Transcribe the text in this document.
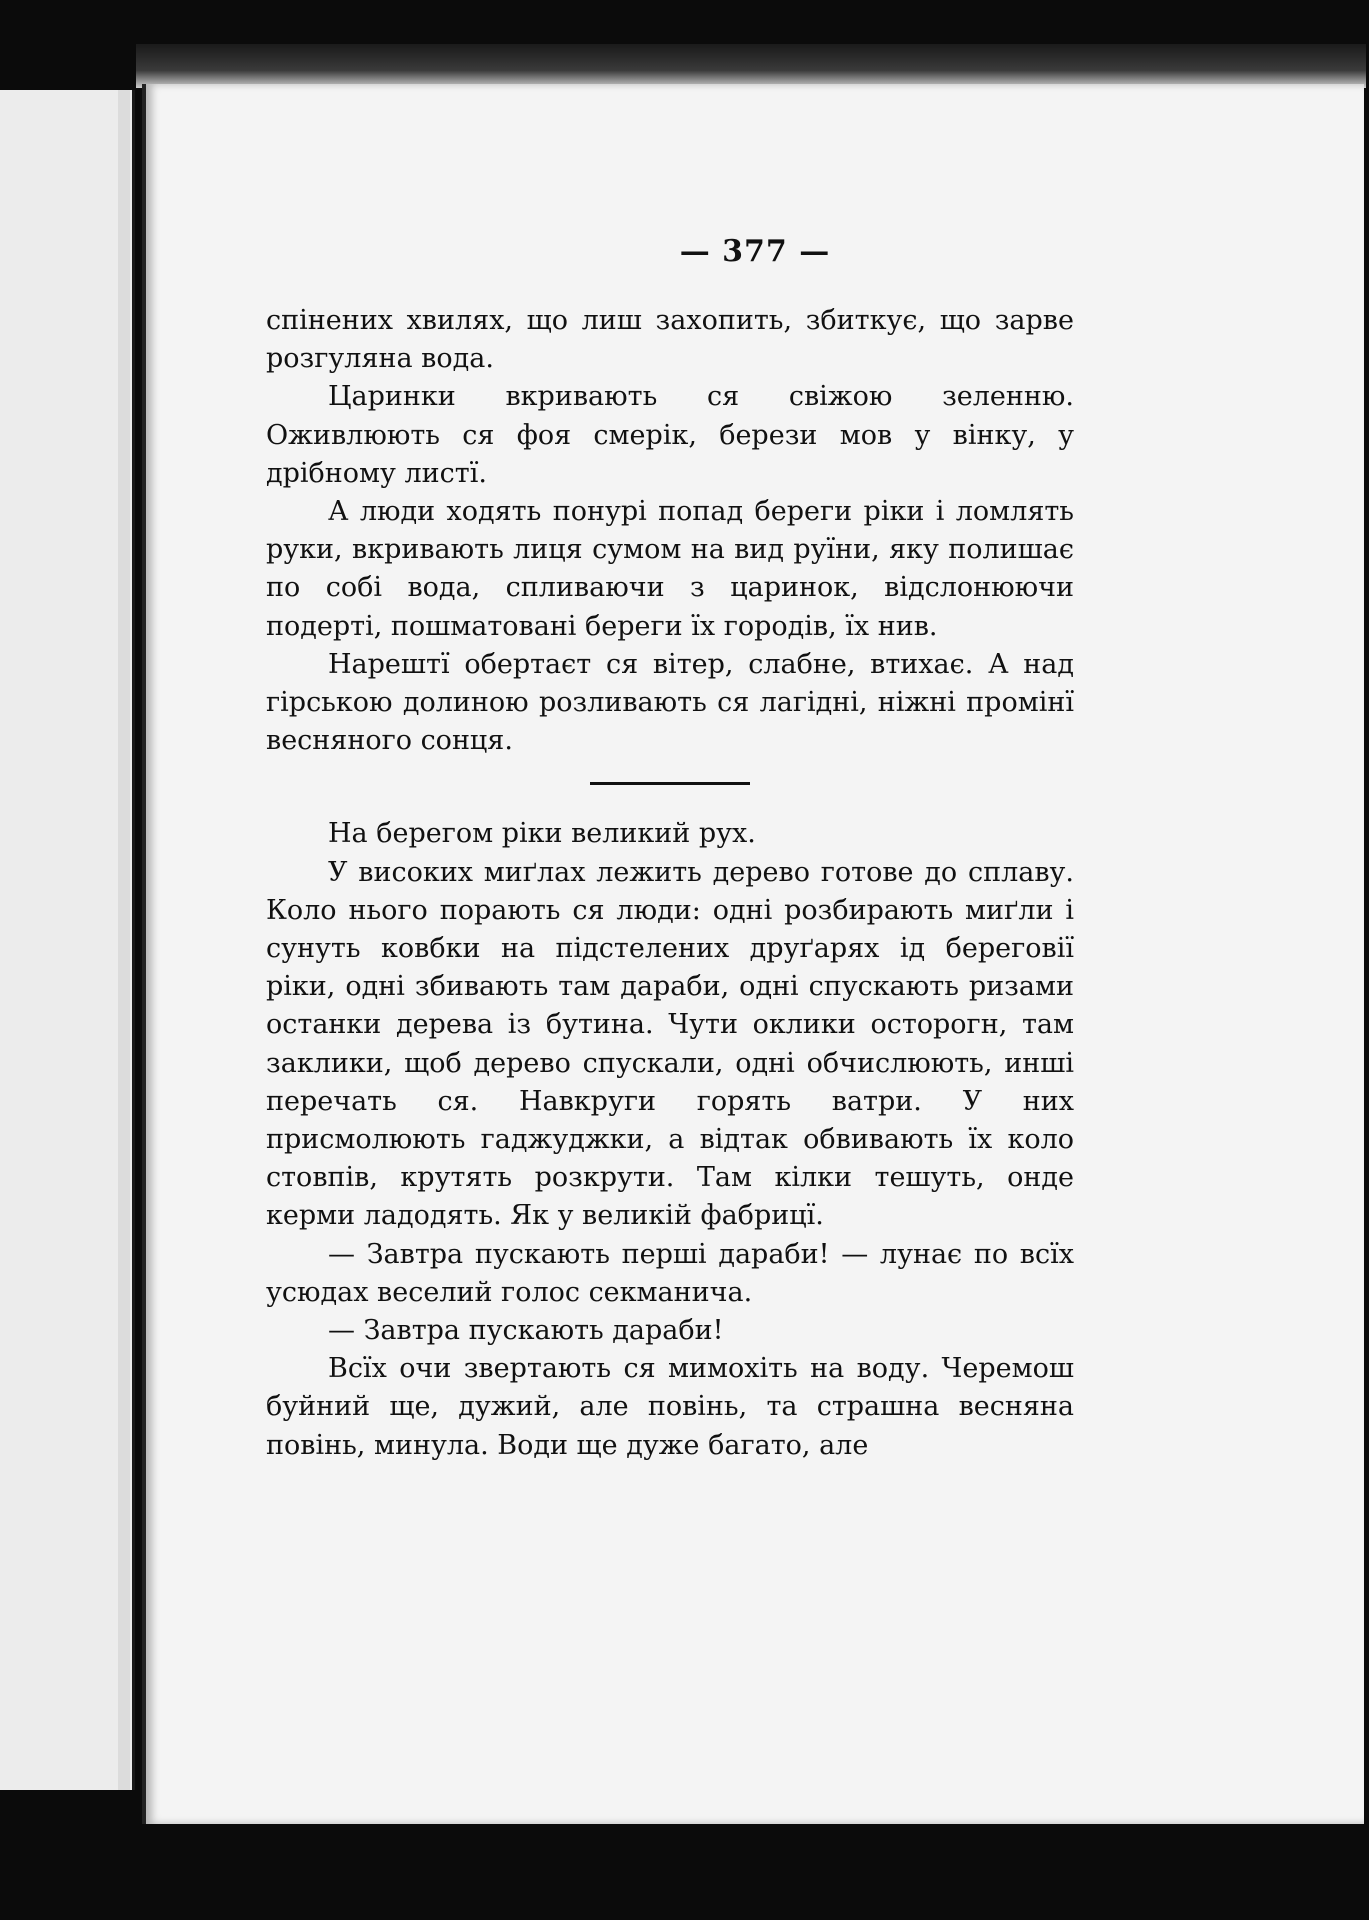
— 377 —

спінених хвилях, що лиш захопить, збиткує, що зарве розгуляна вода.

Царинки вкривають ся свіжою зеленню. Оживлюють ся фоя смерік, берези мов у вінку, у дрібному листї.

А люди ходять понурі попад береги ріки і ломлять руки, вкривають лиця сумом на вид руїни, яку полишає по собі вода, спливаючи з царинок, відслонюючи подерті, пошматовані береги їх городів, їх нив.

Нарештї обертаєт ся вітер, слабне, втихає. А над гірською долиною розливають ся лагідні, ніжні промінї весняного сонця.

На берегом ріки великий рух.

У високих миґлах лежить дерево готове до сплаву. Коло нього порають ся люди: одні розбирають миґли і сунуть ковбки на підстелених друґарях ід береговії ріки, одні збивають там дараби, одні спускають ризами останки дерева із бутина. Чути оклики осторогн, там заклики, щоб дерево спускали, одні обчислюють, инші перечать ся. Навкруги горять ватри. У них присмолюють гаджуджки, а відтак обвивають їх коло стовпів, крутять розкрути. Там кілки тешуть, онде керми ладодять. Як у великій фабрицї.

— Завтра пускають перші дараби! — лунає по всїх усюдах веселий голос секманича.

— Завтра пускають дараби!

Всїх очи звертають ся мимохіть на воду. Черемош буйний ще, дужий, але повінь, та страшна весняна повінь, минула. Води ще дуже багато, але
